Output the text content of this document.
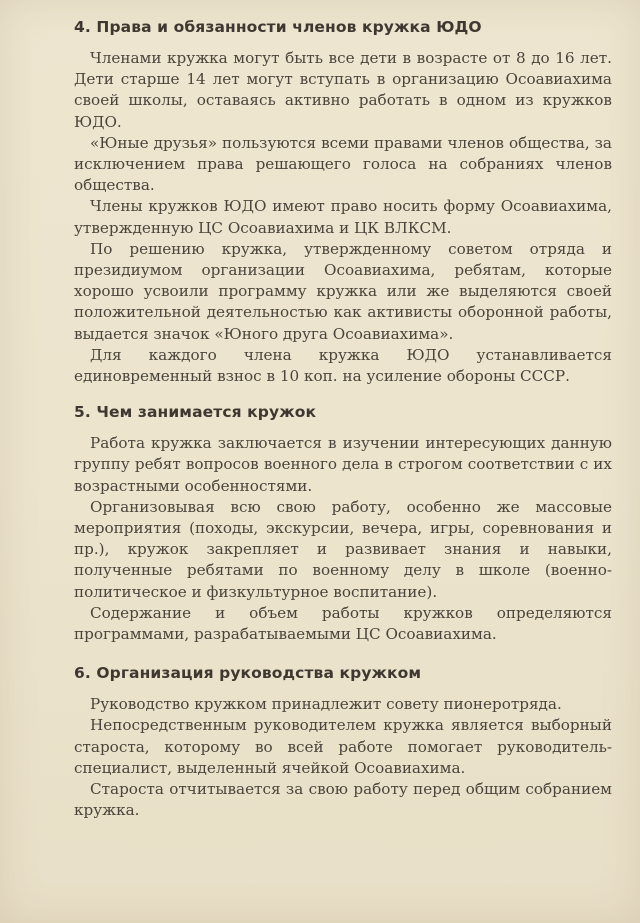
4. Права и обязанности членов кружка ЮДО

Членами кружка могут быть все дети в возрасте от 8 до 16 лет. Дети старше 14 лет могут вступать в организацию Осоавиахима своей школы, оставаясь активно работать в одном из кружков ЮДО.

«Юные друзья» пользуются всеми правами членов общества, за исключением права решающего голоса на собраниях членов общества.

Члены кружков ЮДО имеют право носить форму Осоавиахима, утвержденную ЦС Осоавиахима и ЦК ВЛКСМ.

По решению кружка, утвержденному советом отряда и президиумом организации Осоавиахима, ребятам, которые хорошо усвоили программу кружка или же выделяются своей положительной деятельностью как активисты оборонной работы, выдается значок «Юного друга Осоавиахима».

Для каждого члена кружка ЮДО устанавливается единовременный взнос в 10 коп. на усиление обороны СССР.

5. Чем занимается кружок

Работа кружка заключается в изучении интересующих данную группу ребят вопросов военного дела в строгом соответствии с их возрастными особенностями.

Организовывая всю свою работу, особенно же массовые мероприятия (походы, экскурсии, вечера, игры, соревнования и пр.), кружок закрепляет и развивает знания и навыки, полученные ребятами по военному делу в школе (военно-политическое и физкультурное воспитание).

Содержание и объем работы кружков определяются программами, разрабатываемыми ЦС Осоавиахима.

6. Организация руководства кружком

Руководство кружком принадлежит совету пионеротряда.

Непосредственным руководителем кружка является выборный староста, которому во всей работе помогает руководитель-специалист, выделенный ячейкой Осоавиахима.

Староста отчитывается за свою работу перед общим собранием кружка.
